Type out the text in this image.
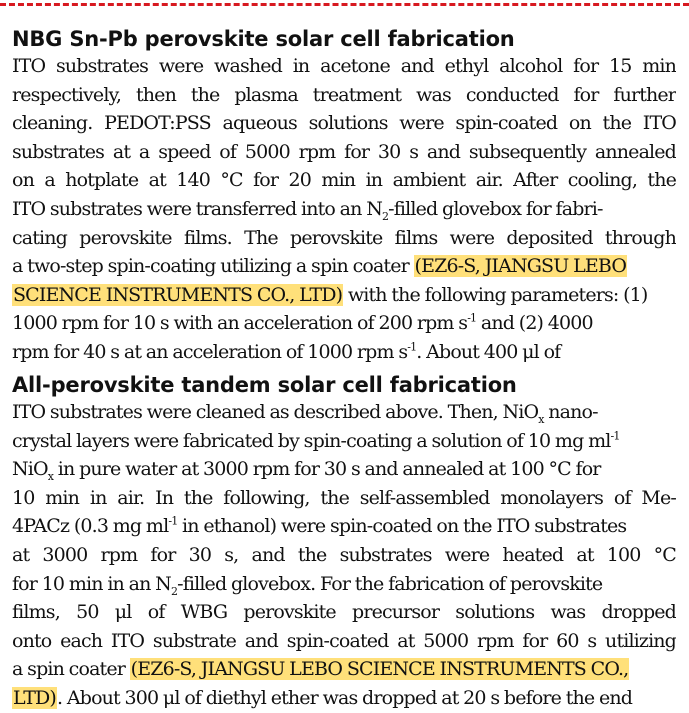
NBG Sn-Pb perovskite solar cell fabrication
ITO substrates were washed in acetone and ethyl alcohol for 15 min
respectively, then the plasma treatment was conducted for further
cleaning. PEDOT:PSS aqueous solutions were spin-coated on the ITO
substrates at a speed of 5000 rpm for 30 s and subsequently annealed
on a hotplate at 140 °C for 20 min in ambient air. After cooling, the
ITO substrates were transferred into an $N_2$-filled glovebox for fabri-
cating perovskite films. The perovskite films were deposited through
a two-step spin-coating utilizing a spin coater (EZ6-S, JIANGSU LEBO
SCIENCE INSTRUMENTS CO., LTD) with the following parameters: (1)
1000 rpm for 10 s with an acceleration of 200 rpm $s^{-1}$ and (2) 4000
rpm for 40 s at an acceleration of 1000 rpm $s^{-1}$. About 400 μl of
All-perovskite tandem solar cell fabrication
ITO substrates were cleaned as described above. Then, NiO$_x$ nano-
crystal layers were fabricated by spin-coating a solution of 10 mg $ml^{-1}$
NiO$_x$ in pure water at 3000 rpm for 30 s and annealed at 100 °C for
10 min in air. In the following, the self-assembled monolayers of Me-
4PACz (0.3 mg $ml^{-1}$ in ethanol) were spin-coated on the ITO substrates
at 3000 rpm for 30 s, and the substrates were heated at 100 °C
for 10 min in an $N_2$-filled glovebox. For the fabrication of perovskite
films, 50 μl of WBG perovskite precursor solutions was dropped
onto each ITO substrate and spin-coated at 5000 rpm for 60 s utilizing
a spin coater (EZ6-S, JIANGSU LEBO SCIENCE INSTRUMENTS CO.,
LTD). About 300 μl of diethyl ether was dropped at 20 s before the end
